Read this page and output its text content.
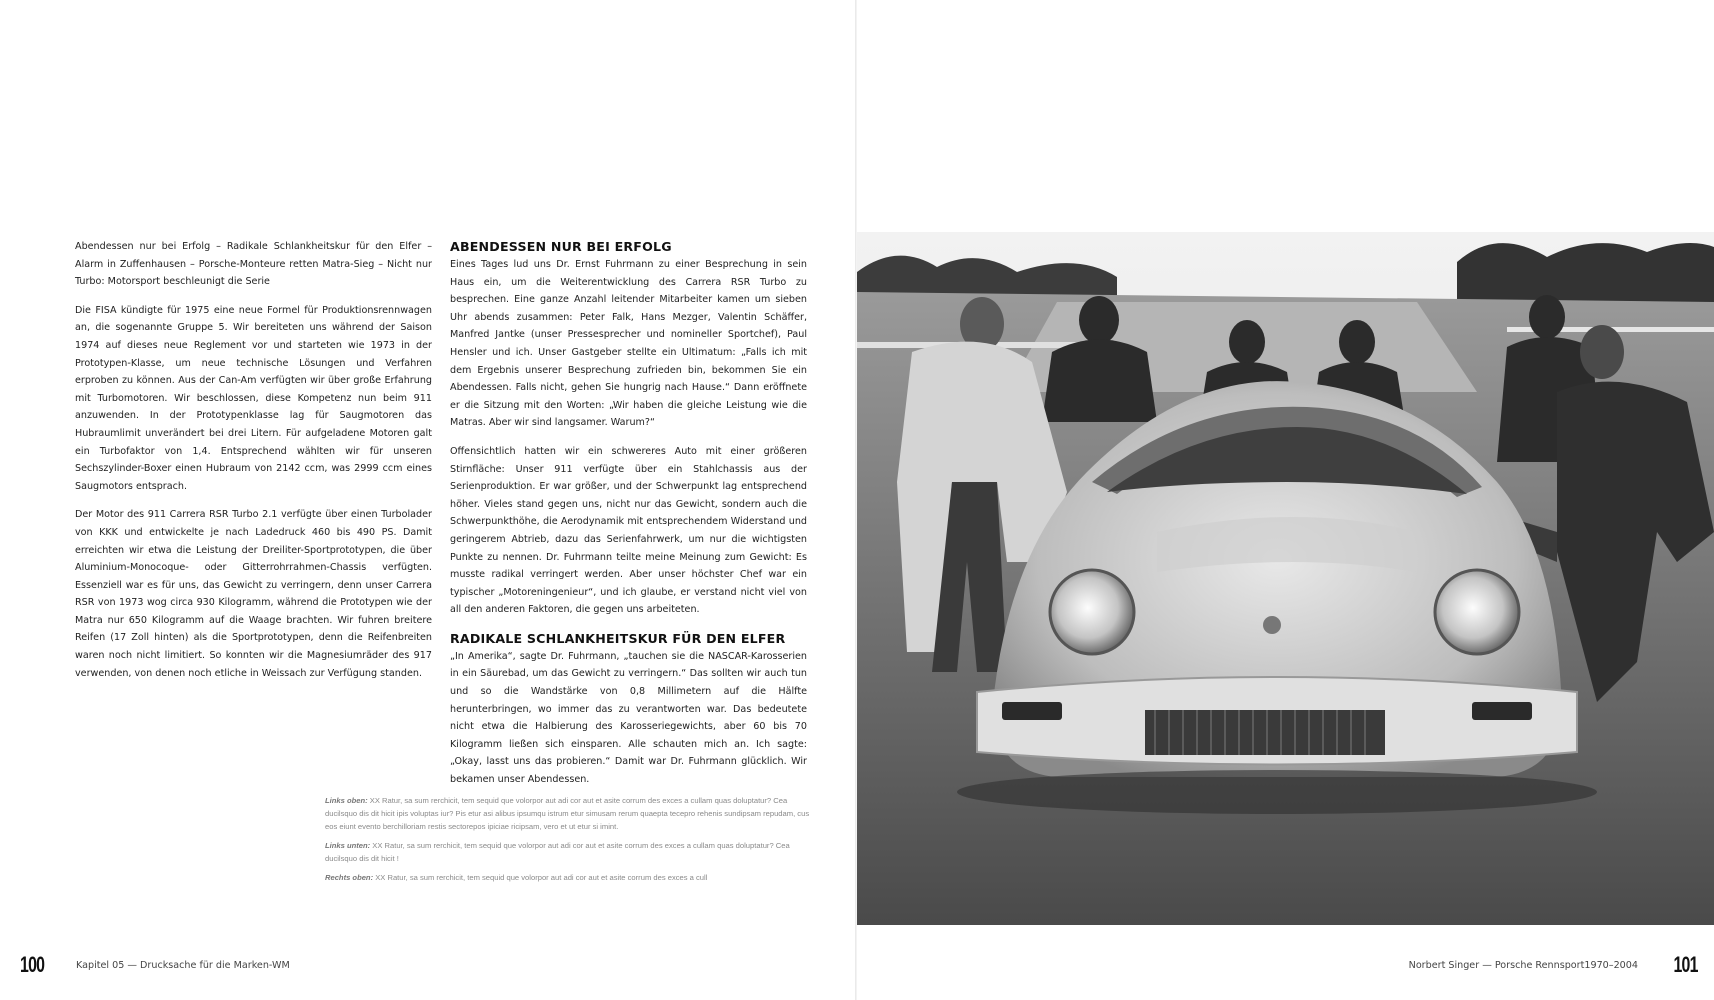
Abendessen nur bei Erfolg – Radikale Schlankheitskur für den Elfer – Alarm in Zuffenhausen – Porsche-Monteure retten Matra-Sieg – Nicht nur Turbo: Motorsport beschleunigt die Serie

Die FISA kündigte für 1975 eine neue Formel für Produktionsrennwagen an, die sogenannte Gruppe 5. Wir bereiteten uns während der Saison 1974 auf dieses neue Reglement vor und starteten wie 1973 in der Prototypen-Klasse, um neue technische Lösungen und Verfahren erproben zu können. Aus der Can-Am verfügten wir über große Erfahrung mit Turbomotoren. Wir beschlossen, diese Kompetenz nun beim 911 anzuwenden. In der Prototypenklasse lag für Saugmotoren das Hubraumlimit unverändert bei drei Litern. Für aufgeladene Motoren galt ein Turbofaktor von 1,4. Entsprechend wählten wir für unseren Sechszylinder-Boxer einen Hubraum von 2142 ccm, was 2999 ccm eines Saugmotors entsprach.

Der Motor des 911 Carrera RSR Turbo 2.1 verfügte über einen Turbolader von KKK und entwickelte je nach Ladedruck 460 bis 490 PS. Damit erreichten wir etwa die Leistung der Dreiliter-Sportprototypen, die über Aluminium-Monocoque- oder Gitterrohrrahmen-Chassis verfügten. Essenziell war es für uns, das Gewicht zu verringern, denn unser Carrera RSR von 1973 wog circa 930 Kilogramm, während die Prototypen wie der Matra nur 650 Kilogramm auf die Waage brachten. Wir fuhren breitere Reifen (17 Zoll hinten) als die Sportprototypen, denn die Reifenbreiten waren noch nicht limitiert. So konnten wir die Magnesiumräder des 917 verwenden, von denen noch etliche in Weissach zur Verfügung standen.

ABENDESSEN NUR BEI ERFOLG

Eines Tages lud uns Dr. Ernst Fuhrmann zu einer Besprechung in sein Haus ein, um die Weiterentwicklung des Carrera RSR Turbo zu besprechen. Eine ganze Anzahl leitender Mitarbeiter kamen um sieben Uhr abends zusammen: Peter Falk, Hans Mezger, Valentin Schäffer, Manfred Jantke (unser Pressesprecher und nomineller Sportchef), Paul Hensler und ich. Unser Gastgeber stellte ein Ultimatum: „Falls ich mit dem Ergebnis unserer Besprechung zufrieden bin, bekommen Sie ein Abendessen. Falls nicht, gehen Sie hungrig nach Hause.“ Dann eröffnete er die Sitzung mit den Worten: „Wir haben die gleiche Leistung wie die Matras. Aber wir sind langsamer. Warum?“

Offensichtlich hatten wir ein schwereres Auto mit einer größeren Stirnfläche: Unser 911 verfügte über ein Stahlchassis aus der Serienproduktion. Er war größer, und der Schwerpunkt lag entsprechend höher. Vieles stand gegen uns, nicht nur das Gewicht, sondern auch die Schwerpunkthöhe, die Aerodynamik mit entsprechendem Widerstand und geringerem Abtrieb, dazu das Serienfahrwerk, um nur die wichtigsten Punkte zu nennen. Dr. Fuhrmann teilte meine Meinung zum Gewicht: Es musste radikal verringert werden. Aber unser höchster Chef war ein typischer „Motoreningenieur“, und ich glaube, er verstand nicht viel von all den anderen Faktoren, die gegen uns arbeiteten.

RADIKALE SCHLANKHEITSKUR FÜR DEN ELFER

„In Amerika“, sagte Dr. Fuhrmann, „tauchen sie die NASCAR-Karosserien in ein Säurebad, um das Gewicht zu verringern.“ Das sollten wir auch tun und so die Wandstärke von 0,8 Millimetern auf die Hälfte herunterbringen, wo immer das zu verantworten war. Das bedeutete nicht etwa die Halbierung des Karosseriegewichts, aber 60 bis 70 Kilogramm ließen sich einsparen. Alle schauten mich an. Ich sagte: „Okay, lasst uns das probieren.“ Damit war Dr. Fuhrmann glücklich. Wir bekamen unser Abendessen.

Links oben: XX Ratur, sa sum rerchicit, tem sequid que volorpor aut adi cor aut et asite corrum des exces a cullam quas doluptatur? Cea ducilsquo dis dit hicit ipis voluptas iur? Pis etur asi alibus ipsumqu istrum etur simusam rerum quaepta tecepro rehenis sundipsam repudam, cus eos eiunt evento berchilloriam restis sectorepos ipiciae ricipsam, vero et ut etur si imint.

Links unten: XX Ratur, sa sum rerchicit, tem sequid que volorpor aut adi cor aut et asite corrum des exces a cullam quas doluptatur? Cea ducilsquo dis dit hicit !

Rechts oben: XX Ratur, sa sum rerchicit, tem sequid que volorpor aut adi cor aut et asite corrum des exces a cull

100	Kapitel 05 — Drucksache für die Marken-WM	Norbert Singer — Porsche Rennsport1970–2004 101
